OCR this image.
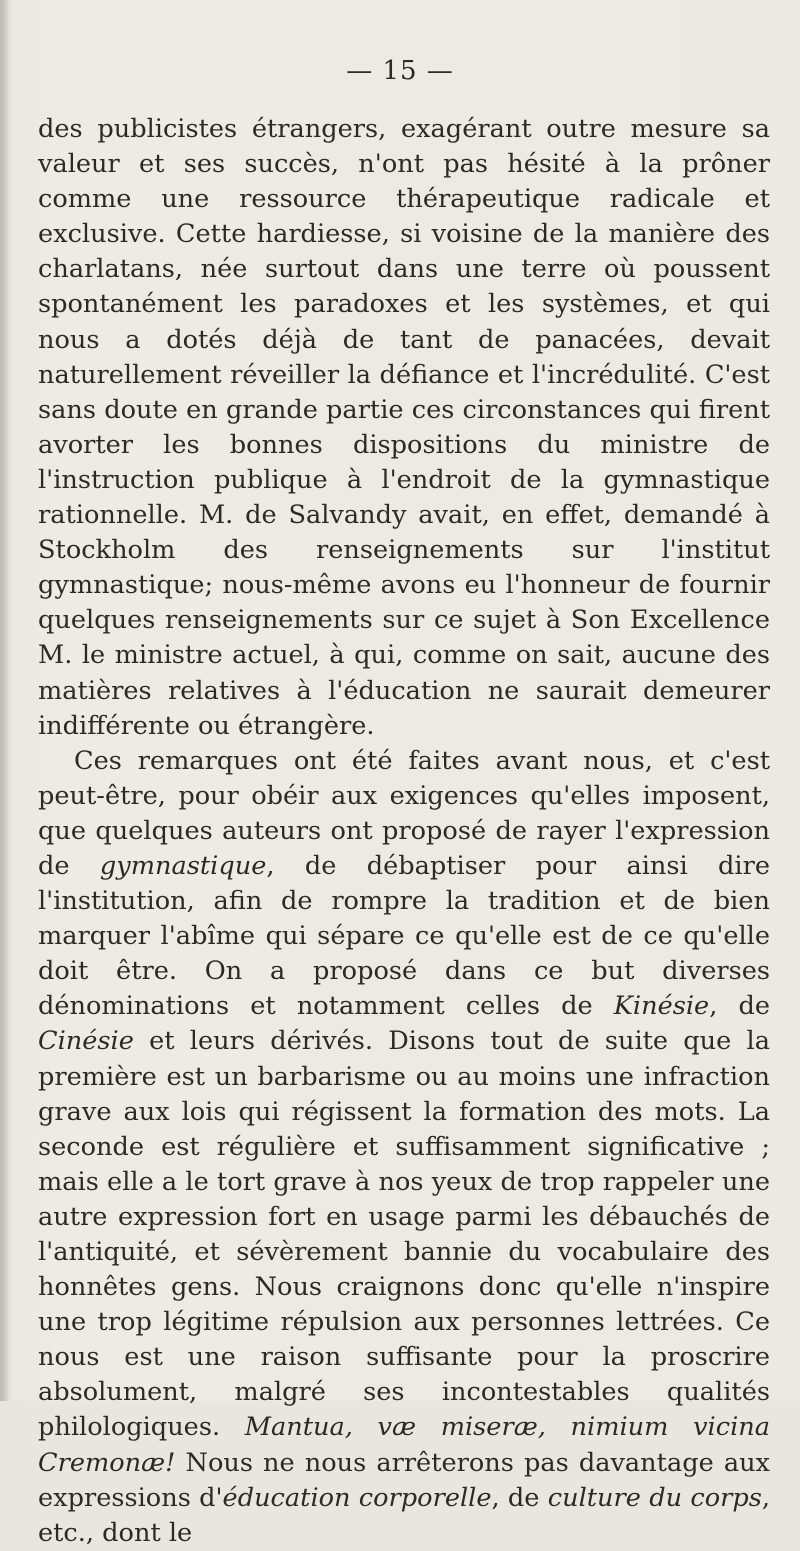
— 15 —

des publicistes étrangers, exagérant outre mesure sa valeur et ses succès, n'ont pas hésité à la prôner comme une ressource thérapeutique radicale et exclusive. Cette hardiesse, si voisine de la manière des charlatans, née surtout dans une terre où poussent spontanément les paradoxes et les systèmes, et qui nous a dotés déjà de tant de panacées, devait naturellement réveiller la défiance et l'incrédulité. C'est sans doute en grande partie ces circonstances qui firent avorter les bonnes dispositions du ministre de l'instruction publique à l'endroit de la gymnastique rationnelle. M. de Salvandy avait, en effet, demandé à Stockholm des renseignements sur l'institut gymnastique; nous-même avons eu l'honneur de fournir quelques renseignements sur ce sujet à Son Excellence M. le ministre actuel, à qui, comme on sait, aucune des matières relatives à l'éducation ne saurait demeurer indifférente ou étrangère.

Ces remarques ont été faites avant nous, et c'est peut-être, pour obéir aux exigences qu'elles imposent, que quelques auteurs ont proposé de rayer l'expression de gymnastique, de débaptiser pour ainsi dire l'institution, afin de rompre la tradition et de bien marquer l'abîme qui sépare ce qu'elle est de ce qu'elle doit être. On a proposé dans ce but diverses dénominations et notamment celles de Kinésie, de Cinésie et leurs dérivés. Disons tout de suite que la première est un barbarisme ou au moins une infraction grave aux lois qui régissent la formation des mots. La seconde est régulière et suffisamment significative ; mais elle a le tort grave à nos yeux de trop rappeler une autre expression fort en usage parmi les débauchés de l'antiquité, et sévèrement bannie du vocabulaire des honnêtes gens. Nous craignons donc qu'elle n'inspire une trop légitime répulsion aux personnes lettrées. Ce nous est une raison suffisante pour la proscrire absolument, malgré ses incontestables qualités philologiques. Mantua, væ miseræ, nimium vicina Cremonæ! Nous ne nous arrêterons pas davantage aux expressions d'éducation corporelle, de culture du corps, etc., dont le
